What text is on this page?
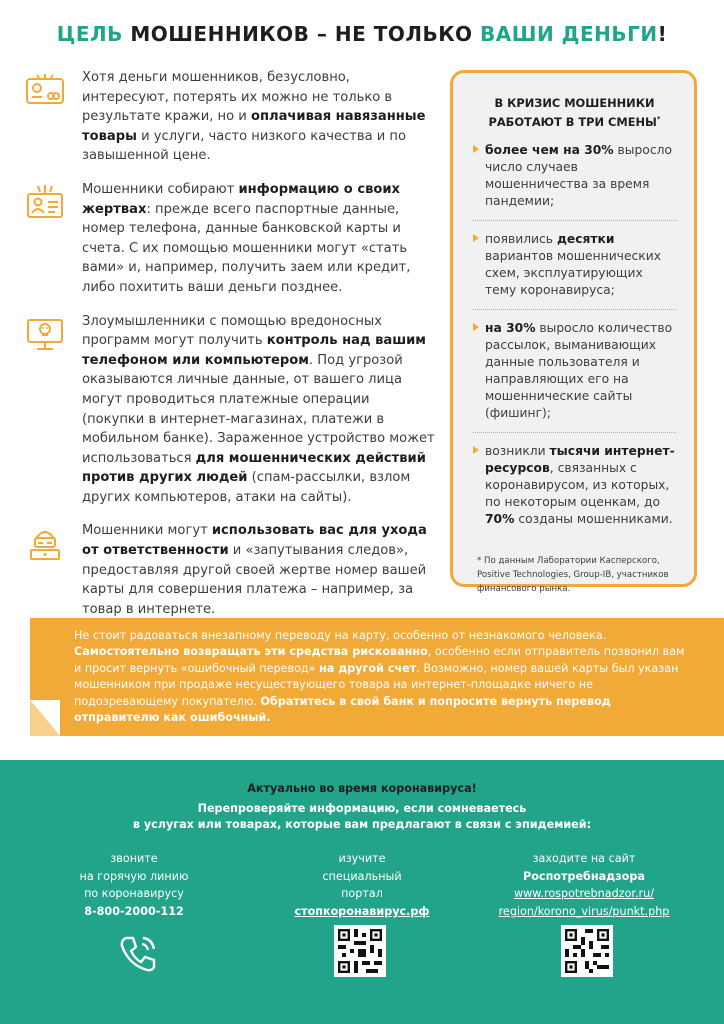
ЦЕЛЬ МОШЕННИКОВ – НЕ ТОЛЬКО ВАШИ ДЕНЬГИ!

Хотя деньги мошенников, безусловно, интересуют, потерять их можно не только в результате кражи, но и оплачивая навязанные товары и услуги, часто низкого качества и по завышенной цене.

Мошенники собирают информацию о своих жертвах: прежде всего паспортные данные, номер телефона, данные банковской карты и счета. С их помощью мошенники могут «стать вами» и, например, получить заем или кредит, либо похитить ваши деньги позднее.

Злоумышленники с помощью вредоносных программ могут получить контроль над вашим телефоном или компьютером. Под угрозой оказываются личные данные, от вашего лица могут проводиться платежные операции (покупки в интернет-магазинах, платежи в мобильном банке). Зараженное устройство может использоваться для мошеннических действий против других людей (спам-рассылки, взлом других компьютеров, атаки на сайты).

Мошенники могут использовать вас для ухода от ответственности и «запутывания следов», предоставляя другой своей жертве номер вашей карты для совершения платежа – например, за товар в интернете.

В КРИЗИС МОШЕННИКИ РАБОТАЮТ В ТРИ СМЕНЫ*

более чем на 30% выросло число случаев мошенничества за время пандемии;

появились десятки вариантов мошеннических схем, эксплуатирующих тему коронавируса;

на 30% выросло количество рассылок, выманивающих данные пользователя и направляющих его на мошеннические сайты (фишинг);

возникли тысячи интернет-ресурсов, связанных с коронавирусом, из которых, по некоторым оценкам, до 70% созданы мошенниками.

* По данным Лаборатории Касперского, Positive Technologies, Group-IB, участников финансового рынка.

Не стоит радоваться внезапному переводу на карту, особенно от незнакомого человека. Самостоятельно возвращать эти средства рискованно, особенно если отправитель позвонил вам и просит вернуть «ошибочный перевод» на другой счет. Возможно, номер вашей карты был указан мошенником при продаже несуществующего товара на интернет-площадке ничего не подозревающему покупателю. Обратитесь в свой банк и попросите вернуть перевод отправителю как ошибочный.

Актуально во время коронавируса!
Перепроверяйте информацию, если сомневаетесь
в услугах или товарах, которые вам предлагают в связи с эпидемией:
звоните
на горячую линию
по коронавирусу
8-800-2000-112
изучите
специальный
портал
стопкоронавирус.рф
заходите на сайт
Роспотребнадзора
www.rospotrebnadzor.ru/
region/korono_virus/punkt.php
